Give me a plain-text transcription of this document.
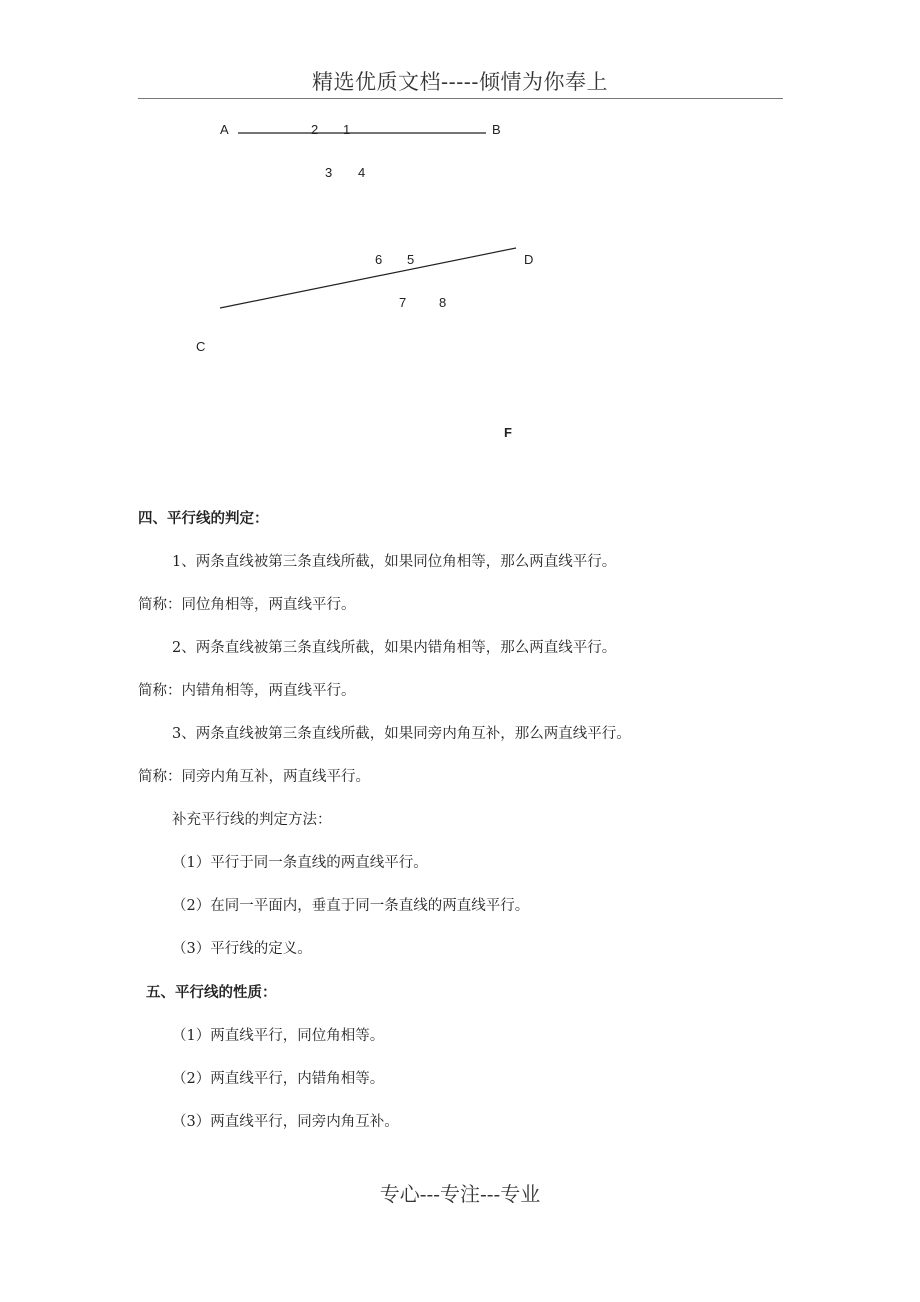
精选优质文档-----倾情为你奉上
A	2 1	B
3 4
6 5	D
7	8
C
F
四、平行线的判定：
1、两条直线被第三条直线所截，如果同位角相等，那么两直线平行。
简称：同位角相等，两直线平行。
2、两条直线被第三条直线所截，如果内错角相等，那么两直线平行。
简称：内错角相等，两直线平行。
3、两条直线被第三条直线所截，如果同旁内角互补，那么两直线平行。
简称：同旁内角互补，两直线平行。
补充平行线的判定方法：
（1）平行于同一条直线的两直线平行。
（2）在同一平面内，垂直于同一条直线的两直线平行。
（3）平行线的定义。
五、平行线的性质：
（1）两直线平行，同位角相等。
（2）两直线平行，内错角相等。
（3）两直线平行，同旁内角互补。
专心---专注---专业
